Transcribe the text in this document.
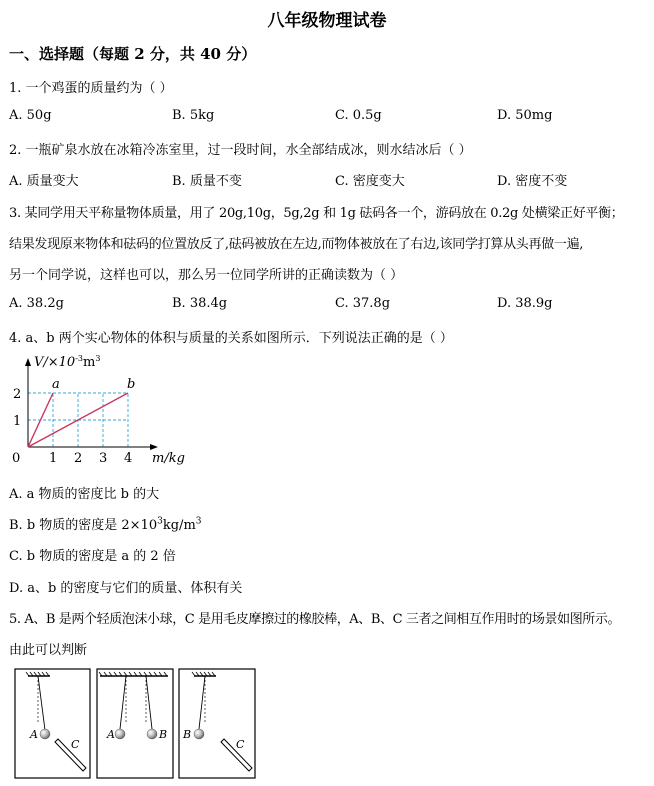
八年级物理试卷
一、选择题（每题 2 分，共 40 分）
1. 一个鸡蛋的质量约为（ ）
A. 50g	B. 5kg	C. 0.5g	D. 50mg
2. 一瓶矿泉水放在冰箱冷冻室里，过一段时间，水全部结成冰，则水结冰后（ ）
A. 质量变大	B. 质量不变	C. 密度变大	D. 密度不变
3. 某同学用天平称量物体质量，用了 20g,10g，5g,2g 和 1g 砝码各一个，游码放在 0.2g 处横梁正好平衡；
结果发现原来物体和砝码的位置放反了,砝码被放在左边,而物体被放在了右边,该同学打算从头再做一遍,
另一个同学说，这样也可以，那么另一位同学所讲的正确读数为（ ）
A. 38.2g	B. 38.4g	C. 37.8g	D. 38.9g
4. a、b 两个实心物体的体积与质量的关系如图所示．下列说法正确的是（ ）
$V/\times 10^{-3}m^3$
a	b
1 2 3 4
1
2
0	m/kg
A. a 物质的密度比 b 的大
B. b 物质的密度是 $2\times 10^3kg/m^3$
C. b 物质的密度是 a 的 2 倍
D. a、b 的密度与它们的质量、体积有关
5. A、B 是两个轻质泡沫小球，C 是用毛皮摩擦过的橡胶棒，A、B、C 三者之间相互作用时的场景如图所示。
由此可以判断
A
C
A	B B
C
